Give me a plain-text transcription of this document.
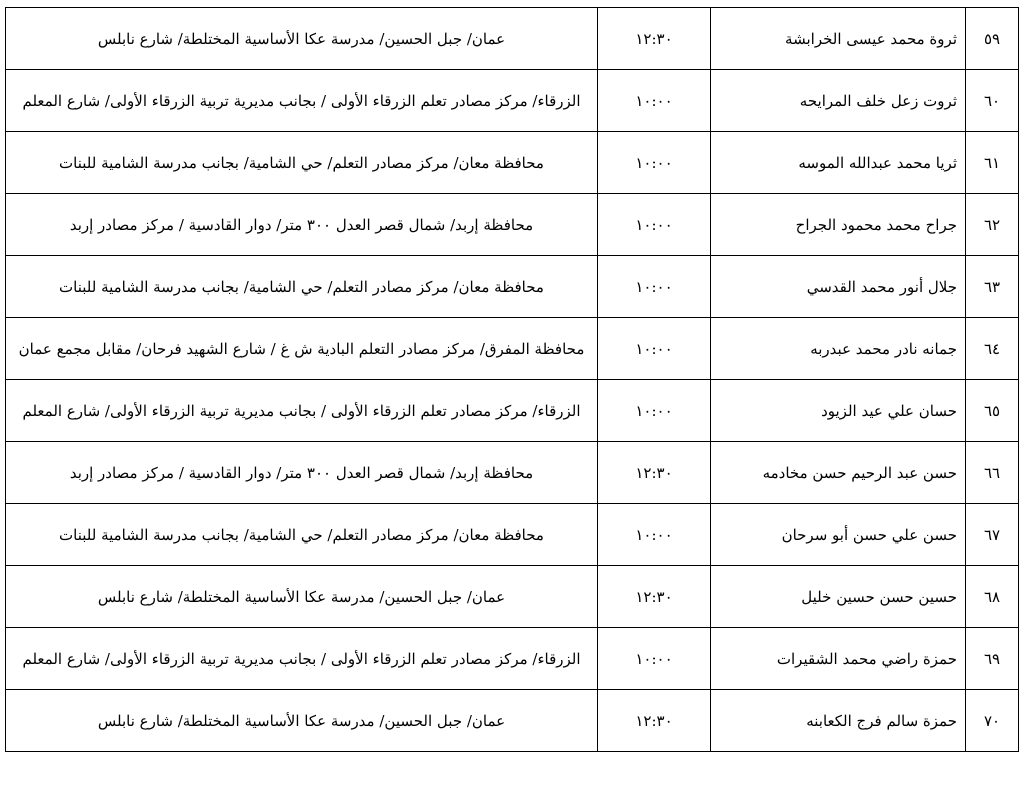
٥٩	ثروة محمد عيسى الخرابشة	١٢:٣٠	عمان/ جبل الحسين/ مدرسة عكا الأساسية المختلطة/ شارع نابلس
٦٠	ثروت زعل خلف المرايحه	١٠:٠٠	الزرقاء/ مركز مصادر تعلم الزرقاء الأولى / بجانب مديرية تربية الزرقاء الأولى/ شارع المعلم
٦١	ثريا محمد عبدالله الموسه	١٠:٠٠	محافظة معان/ مركز مصادر التعلم/ حي الشامية/ بجانب مدرسة الشامية للبنات
٦٢	جراح محمد محمود الجراح	١٠:٠٠	محافظة إربد/ شمال قصر العدل ٣٠٠ متر/ دوار القادسية / مركز مصادر إربد
٦٣	جلال أنور محمد القدسي	١٠:٠٠	محافظة معان/ مركز مصادر التعلم/ حي الشامية/ بجانب مدرسة الشامية للبنات
٦٤	جمانه نادر محمد عبدربه	١٠:٠٠	محافظة المفرق/ مركز مصادر التعلم البادية ش غ / شارع الشهيد فرحان/ مقابل مجمع عمان
٦٥	حسان علي عيد الزيود	١٠:٠٠	الزرقاء/ مركز مصادر تعلم الزرقاء الأولى / بجانب مديرية تربية الزرقاء الأولى/ شارع المعلم
٦٦	حسن عبد الرحيم حسن مخادمه	١٢:٣٠	محافظة إربد/ شمال قصر العدل ٣٠٠ متر/ دوار القادسية / مركز مصادر إربد
٦٧	حسن علي حسن أبو سرحان	١٠:٠٠	محافظة معان/ مركز مصادر التعلم/ حي الشامية/ بجانب مدرسة الشامية للبنات
٦٨	حسين حسن حسين خليل	١٢:٣٠	عمان/ جبل الحسين/ مدرسة عكا الأساسية المختلطة/ شارع نابلس
٦٩	حمزة راضي محمد الشقيرات	١٠:٠٠	الزرقاء/ مركز مصادر تعلم الزرقاء الأولى / بجانب مديرية تربية الزرقاء الأولى/ شارع المعلم
٧٠	حمزة سالم فرج الكعابنه	١٢:٣٠	عمان/ جبل الحسين/ مدرسة عكا الأساسية المختلطة/ شارع نابلس
